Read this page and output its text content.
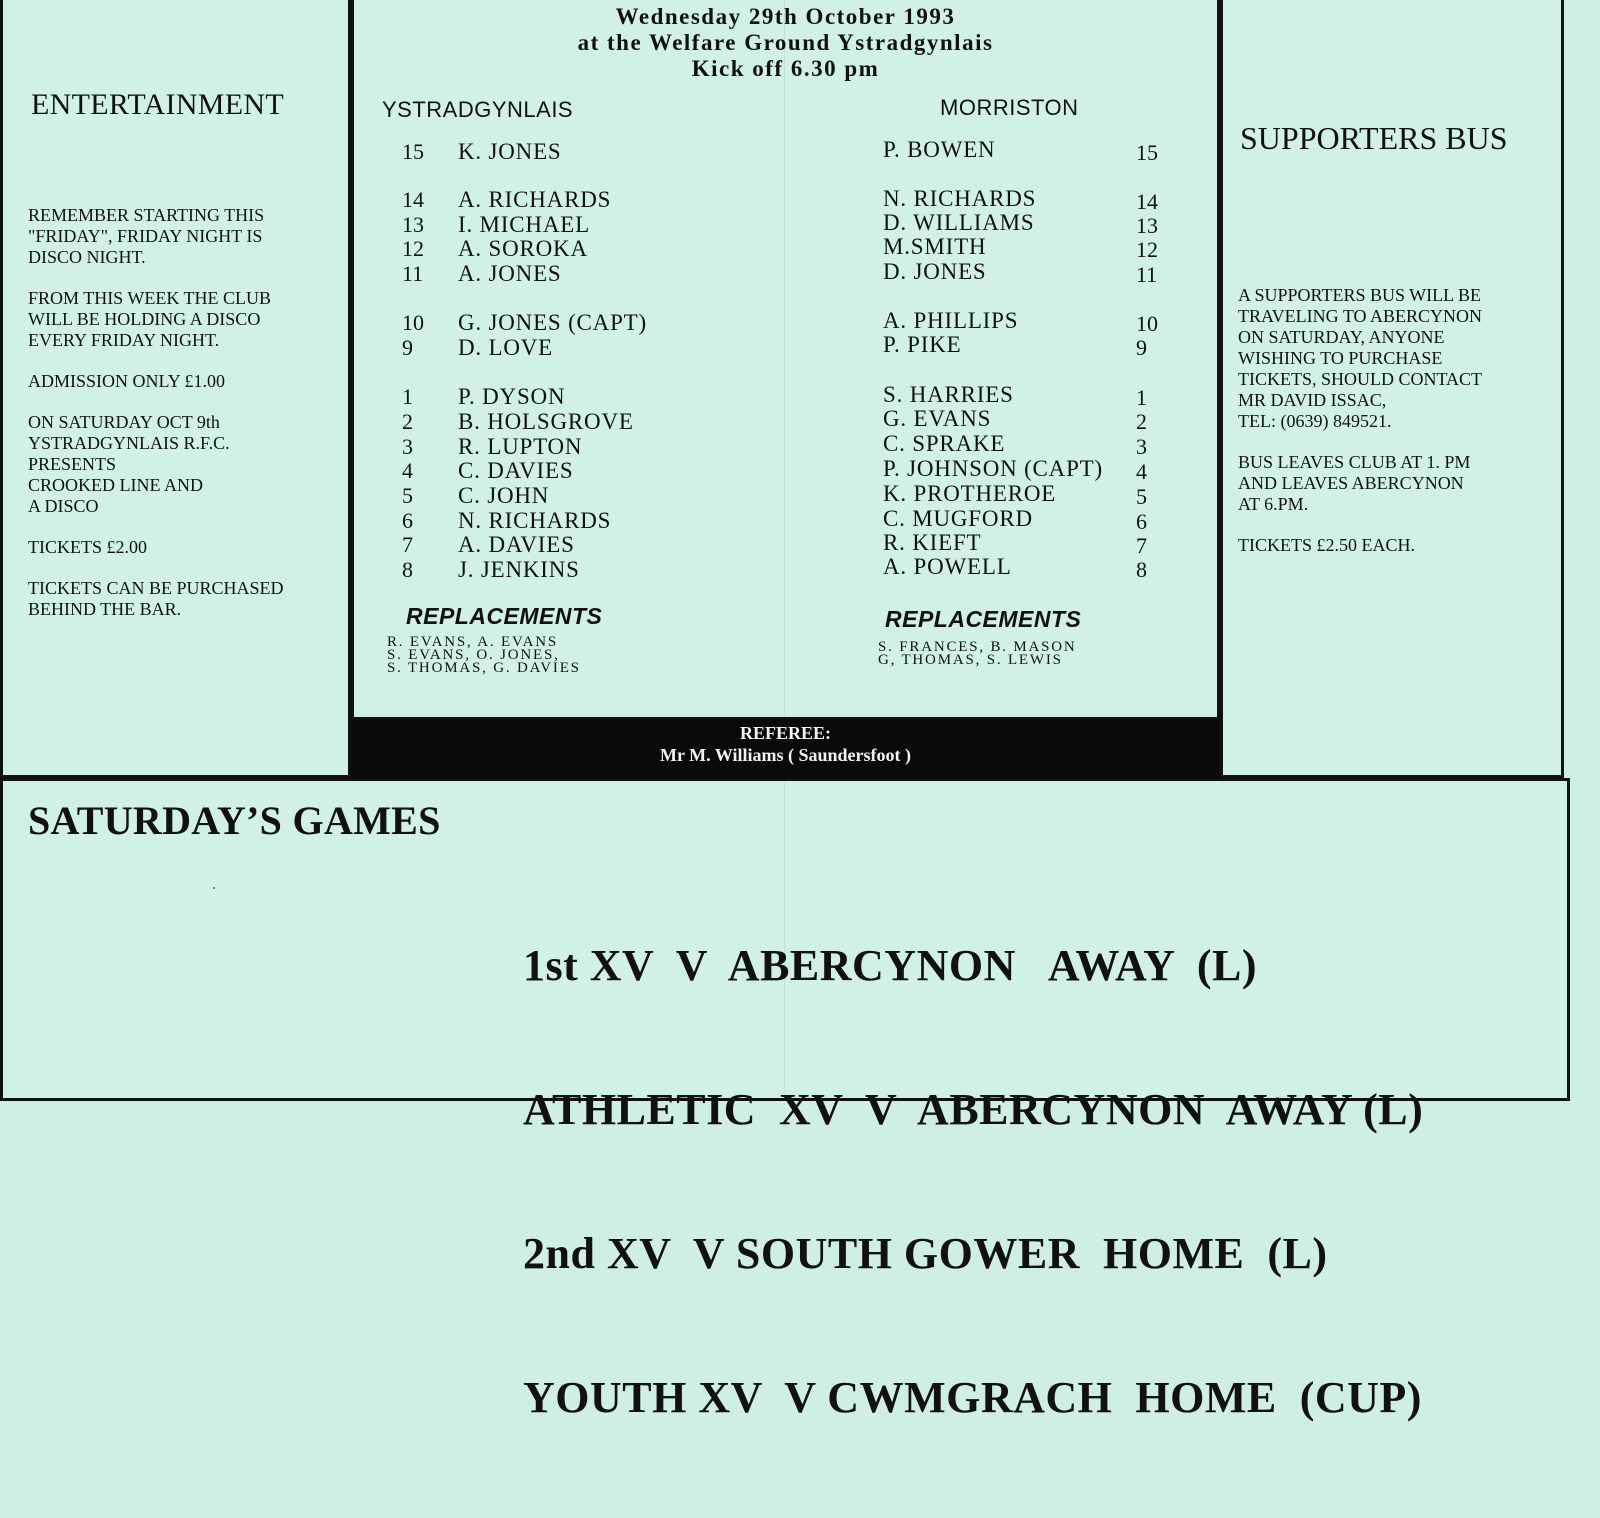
ENTERTAINMENT

REMEMBER STARTING THIS
"FRIDAY", FRIDAY NIGHT IS
DISCO NIGHT.

FROM THIS WEEK THE CLUB
WILL BE HOLDING A DISCO
EVERY FRIDAY NIGHT.

ADMISSION ONLY £1.00

ON SATURDAY OCT 9th
YSTRADGYNLAIS R.F.C.
PRESENTS
CROOKED LINE AND
A DISCO

TICKETS £2.00

TICKETS CAN BE PURCHASED
BEHIND THE BAR.

Wednesday 29th October 1993
at the Welfare Ground Ystradgynlais
Kick off 6.30 pm
YSTRADGYNLAIS	MORRISTON
15 K. JONES
14 A. RICHARDS
13 I. MICHAEL
12 A. SOROKA
11 A. JONES
10 G. JONES (CAPT)
9 D. LOVE
1 P. DYSON
2 B. HOLSGROVE
3 R. LUPTON
4 C. DAVIES
5 C. JOHN
6 N. RICHARDS
7 A. DAVIES
8 J. JENKINS
P. BOWEN	15
N. RICHARDS	14
D. WILLIAMS	13
M.SMITH	12
D. JONES	11
A. PHILLIPS	10
P. PIKE	9
S. HARRIES	1
G. EVANS	2
C. SPRAKE	3
P. JOHNSON (CAPT) 4
K. PROTHEROE	5
C. MUGFORD	6
R. KIEFT	7
A. POWELL	8
REPLACEMENTS
R. EVANS, A. EVANS
S. EVANS, O. JONES,
S. THOMAS, G. DAVIES
REPLACEMENTS
S. FRANCES, B. MASON
G, THOMAS, S. LEWIS
REFEREE:
Mr M. Williams ( Saundersfoot )
SUPPORTERS BUS

A SUPPORTERS BUS WILL BE
TRAVELING TO ABERCYNON
ON SATURDAY, ANYONE
WISHING TO PURCHASE
TICKETS, SHOULD CONTACT
MR DAVID ISSAC,
TEL: (0639) 849521.

BUS LEAVES CLUB AT 1. PM
AND LEAVES ABERCYNON
AT 6.PM.

TICKETS £2.50 EACH.

SATURDAY’S GAMES

1st XV  V  ABERCYNON   AWAY  (L)

ATHLETIC  XV  V  ABERCYNON  AWAY (L)

2nd XV  V SOUTH GOWER  HOME  (L)

YOUTH XV  V CWMGRACH  HOME  (CUP)
